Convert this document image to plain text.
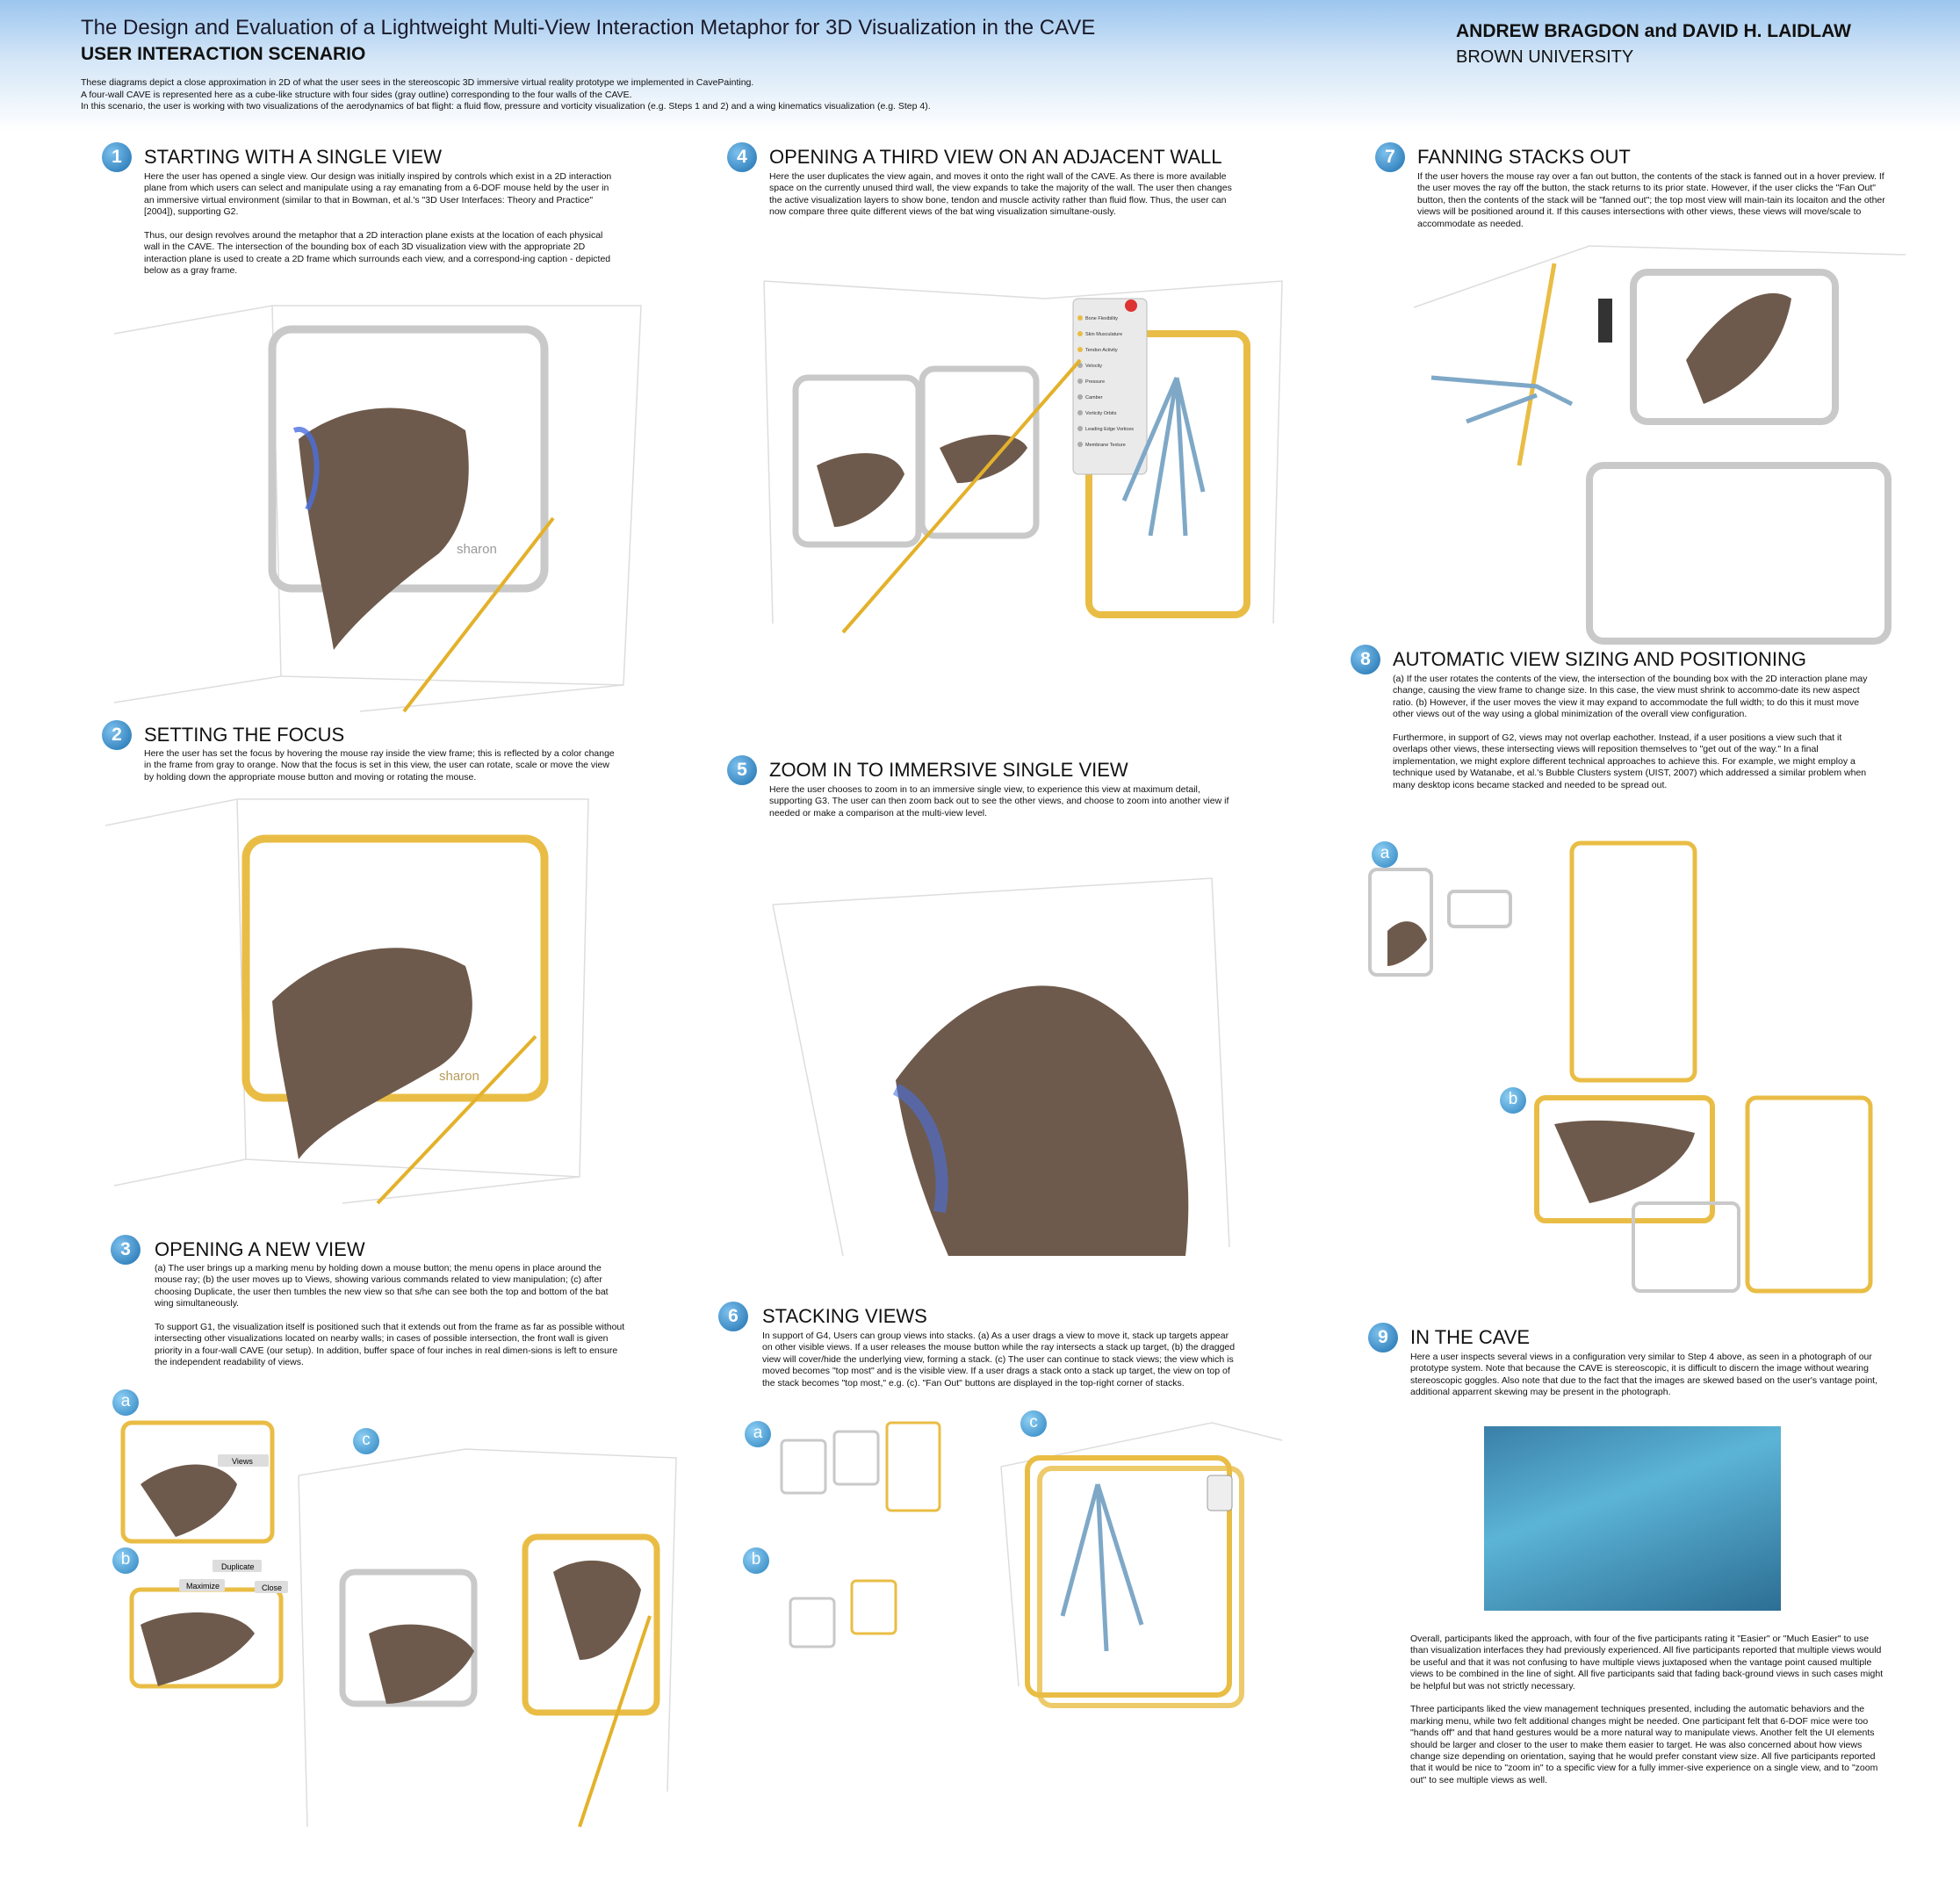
The Design and Evaluation of a Lightweight Multi-View Interaction Metaphor for 3D Visualization in the CAVE
USER INTERACTION SCENARIO
ANDREW BRAGDON and DAVID H. LAIDLAW
BROWN UNIVERSITY
These diagrams depict a close approximation in 2D of what the user sees in the stereoscopic 3D immersive virtual reality prototype we implemented in CavePainting.
A four-wall CAVE is represented here as a cube-like structure with four sides (gray outline) corresponding to the four walls of the CAVE.
In this scenario, the user is working with two visualizations of the aerodynamics of bat flight: a fluid flow, pressure and vorticity visualization (e.g. Steps 1 and 2) and a wing kinematics visualization (e.g. Step 4).
1	STARTING WITH A SINGLE VIEW
Here the user has opened a single view. Our design was initially inspired by controls which exist in a 2D interaction plane from which users can select and manipulate using a ray emanating from a 6-DOF mouse held by the user in an immersive virtual environment (similar to that in Bowman, et al.'s "3D User Interfaces: Theory and Practice" [2004]), supporting G2.

Thus, our design revolves around the metaphor that a 2D interaction plane exists at the location of each physical wall in the CAVE. The intersection of the bounding box of each 3D visualization view with the appropriate 2D interaction plane is used to create a 2D frame which surrounds each view, and a correspond-ing caption - depicted below as a gray frame.
sharon
2	SETTING THE FOCUS
Here the user has set the focus by hovering the mouse ray inside the view frame; this is reflected by a color change in the frame from gray to orange. Now that the focus is set in this view, the user can rotate, scale or move the view by holding down the appropriate mouse button and moving or rotating the mouse.
sharon
3	OPENING A NEW VIEW
(a) The user brings up a marking menu by holding down a mouse button; the menu opens in place around the mouse ray; (b) the user moves up to Views, showing various commands related to view manipulation; (c) after choosing Duplicate, the user then tumbles the new view so that s/he can see both the top and bottom of the bat wing simultaneously.

To support G1, the visualization itself is positioned such that it extends out from the frame as far as possible without intersecting other visualizations located on nearby walls; in cases of possible intersection, the front wall is given priority in a four-wall CAVE (our setup). In addition, buffer space of four inches in real dimen-sions is left to ensure the independent readability of views.
a
Views
b	Duplicate
Maximize	Close
c
4	OPENING A THIRD VIEW ON AN ADJACENT WALL
Here the user duplicates the view again, and moves it onto the right wall of the CAVE. As there is more available space on the currently unused third wall, the view expands to take the majority of the wall. The user then changes the active visualization layers to show bone, tendon and muscle activity rather than fluid flow. Thus, the user can now compare three quite different views of the bat wing visualization simultane-ously.
Bone Flexibility
Skin Musculature
Tendon Activity
Velocity
Pressure
Camber
Vorticity Orbits
Leading Edge Vortices
Membrane Texture
5	ZOOM IN TO IMMERSIVE SINGLE VIEW
Here the user chooses to zoom in to an immersive single view, to experience this view at maximum detail, supporting G3. The user can then zoom back out to see the other views, and choose to zoom into another view if needed or make a comparison at the multi-view level.
6	STACKING VIEWS
In support of G4, Users can group views into stacks. (a) As a user drags a view to move it, stack up targets appear on other visible views. If a user releases the mouse button while the ray intersects a stack up target, (b) the dragged view will cover/hide the underlying view, forming a stack. (c) The user can continue to stack views; the view which is moved becomes "top most" and is the visible view. If a user drags a stack onto a stack up target, the view on top of the stack becomes "top most," e.g. (c). "Fan Out" buttons are displayed in the top-right corner of stacks.
a
b
c
7	FANNING STACKS OUT
If the user hovers the mouse ray over a fan out button, the contents of the stack is fanned out in a hover preview. If the user moves the ray off the button, the stack returns to its prior state. However, if the user clicks the "Fan Out" button, then the contents of the stack will be "fanned out"; the top most view will main-tain its locaiton and the other views will be positioned around it. If this causes intersections with other views, these views will move/scale to accommodate as needed.
8	AUTOMATIC VIEW SIZING AND POSITIONING
(a) If the user rotates the contents of the view, the intersection of the bounding box with the 2D interaction plane may change, causing the view frame to change size. In this case, the view must shrink to accommo-date its new aspect ratio. (b) However, if the user moves the view it may expand to accommodate the full width; to do this it must move other views out of the way using a global minimization of the overall view configuration.

Furthermore, in support of G2, views may not overlap eachother. Instead, if a user positions a view such that it overlaps other views, these intersecting views will reposition themselves to "get out of the way." In a final implementation, we might explore different technical approaches to achieve this. For example, we might employ a technique used by Watanabe, et al.'s Bubble Clusters system (UIST, 2007) which addressed a similar problem when many desktop icons became stacked and needed to be spread out.
a
b
9	IN THE CAVE
Here a user inspects several views in a configuration very similar to Step 4 above, as seen in a photograph of our prototype system. Note that because the CAVE is stereoscopic, it is difficult to discern the image without wearing stereoscopic goggles. Also note that due to the fact that the images are skewed based on the user's vantage point, additional apparrent skewing may be present in the photograph.
Overall, participants liked the approach, with four of the five participants rating it "Easier" or "Much Easier" to use than visualization interfaces they had previously experienced. All five participants reported that multiple views would be useful and that it was not confusing to have multiple views juxtaposed when the vantage point caused multiple views to be combined in the line of sight. All five participants said that fading back-ground views in such cases might be helpful but was not strictly necessary.

Three participants liked the view management techniques presented, including the automatic behaviors and the marking menu, while two felt additional changes might be needed. One participant felt that 6-DOF mice were too "hands off" and that hand gestures would be a more natural way to manipulate views. Another felt the UI elements should be larger and closer to the user to make them easier to target. He was also concerned about how views change size depending on orientation, saying that he would prefer constant view size. All five participants reported that it would be nice to "zoom in" to a specific view for a fully immer-sive experience on a single view, and to "zoom out" to see multiple views as well.
